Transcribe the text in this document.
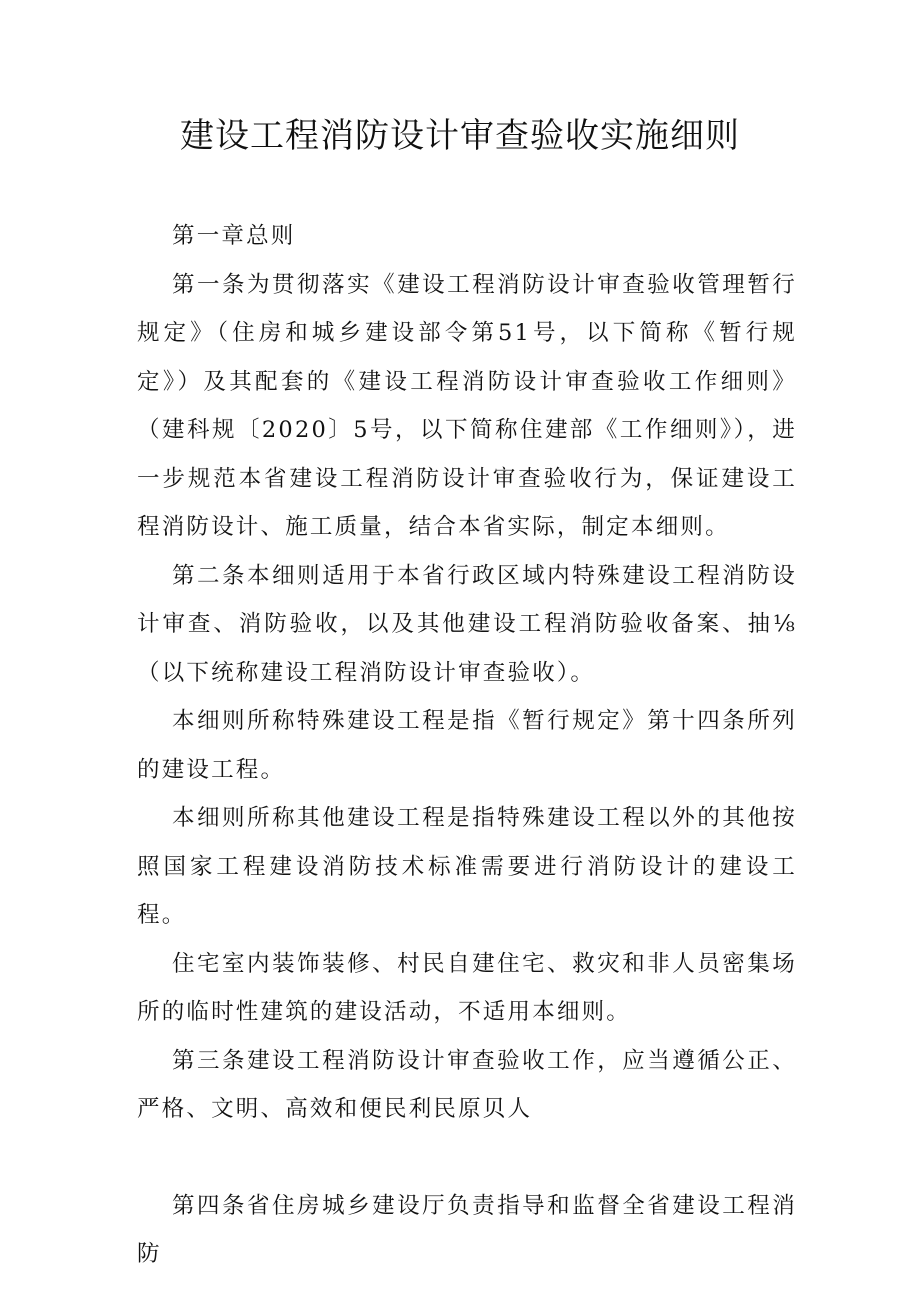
建设工程消防设计审查验收实施细则

第一章总则

第一条为贯彻落实《建设工程消防设计审查验收管理暂行规定》（住房和城乡建设部令第51号，以下简称《暂行规定》）及其配套的《建设工程消防设计审查验收工作细则》（建科规〔2020〕5号，以下简称住建部《工作细则》），进一步规范本省建设工程消防设计审查验收行为，保证建设工程消防设计、施工质量，结合本省实际，制定本细则。

第二条本细则适用于本省行政区域内特殊建设工程消防设计审查、消防验收，以及其他建设工程消防验收备案、抽⅛（以下统称建设工程消防设计审查验收）。

本细则所称特殊建设工程是指《暂行规定》第十四条所列的建设工程。

本细则所称其他建设工程是指特殊建设工程以外的其他按照国家工程建设消防技术标准需要进行消防设计的建设工程。

住宅室内装饰装修、村民自建住宅、救灾和非人员密集场所的临时性建筑的建设活动，不适用本细则。

第三条建设工程消防设计审查验收工作，应当遵循公正、严格、文明、高效和便民利民原贝人

第四条省住房城乡建设厅负责指导和监督全省建设工程消防
